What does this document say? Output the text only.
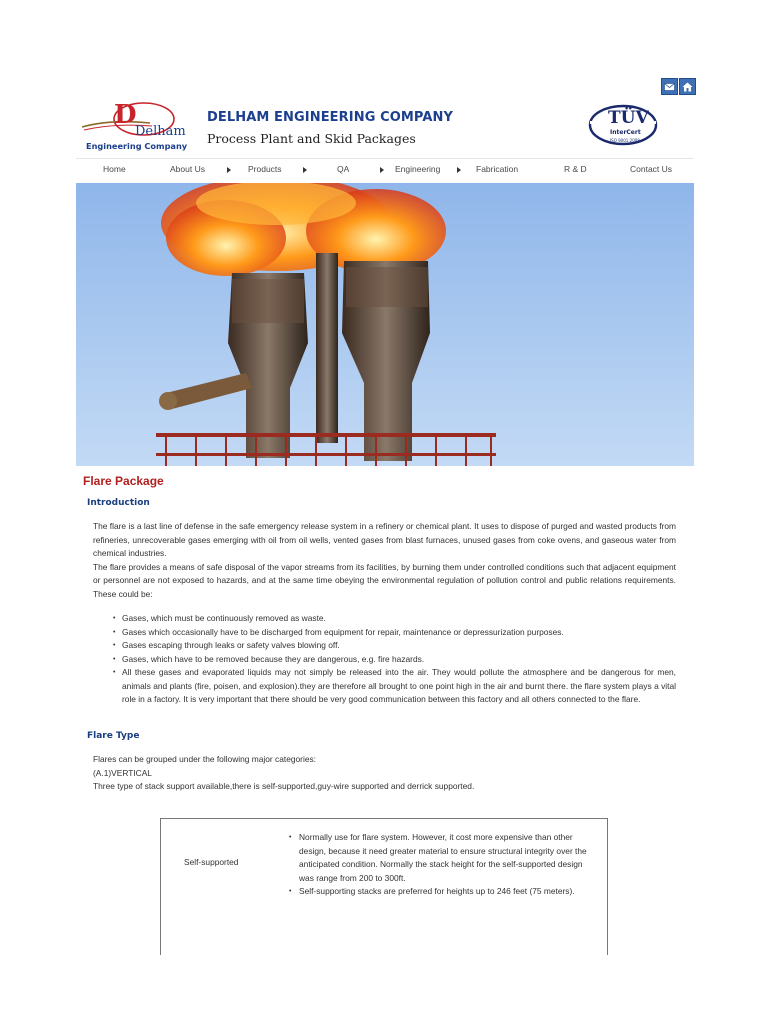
D
Delham
Engineering Company
DELHAM ENGINEERING COMPANY
Process Plant and Skid Packages
TÜV
InterCert
ISO 9001:2008
Home	About Us	Products	QA	Engineering	Fabrication	R & D	Contact Us
Flare Package
Introduction

The flare is a last line of defense in the safe emergency release system in a refinery or chemical plant. It uses to dispose of purged and wasted products from refineries, unrecoverable gases emerging with oil from oil wells, vented gases from blast furnaces, unused gases from coke ovens, and gaseous water from chemical industries.

The flare provides a means of safe disposal of the vapor streams from its facilities, by burning them under controlled conditions such that adjacent equipment or personnel are not exposed to hazards, and at the same time obeying the environmental regulation of pollution control and public relations requirements. These could be:

• Gases, which must be continuously removed as waste.
• Gases which occasionally have to be discharged from equipment for repair, maintenance or depressurization purposes.
• Gases escaping through leaks or safety valves blowing off.
• Gases, which have to be removed because they are dangerous, e.g. fire hazards.
• All these gases and evaporated liquids may not simply be released into the air. They would pollute the atmosphere and be dangerous for men, animals and plants (fire, poisen, and explosion).they are therefore all brought to one point high in the air and burnt there. the flare system plays a vital role in a factory. It is very important that there should be very good communication between this factory and all others connected to the flare.
Flare Type
Flares can be grouped under the following major categories:
(A.1)VERTICAL
Three type of stack support available,there is self-supported,guy-wire supported and derrick supported.
Self-supported
• Normally use for flare system. However, it cost more expensive than other design, because it need greater material to ensure structural integrity over the anticipated condition. Normally the stack height for the self-supported design was range from 200 to 300ft.
• Self-supporting stacks are preferred for heights up to 246 feet (75 meters).
